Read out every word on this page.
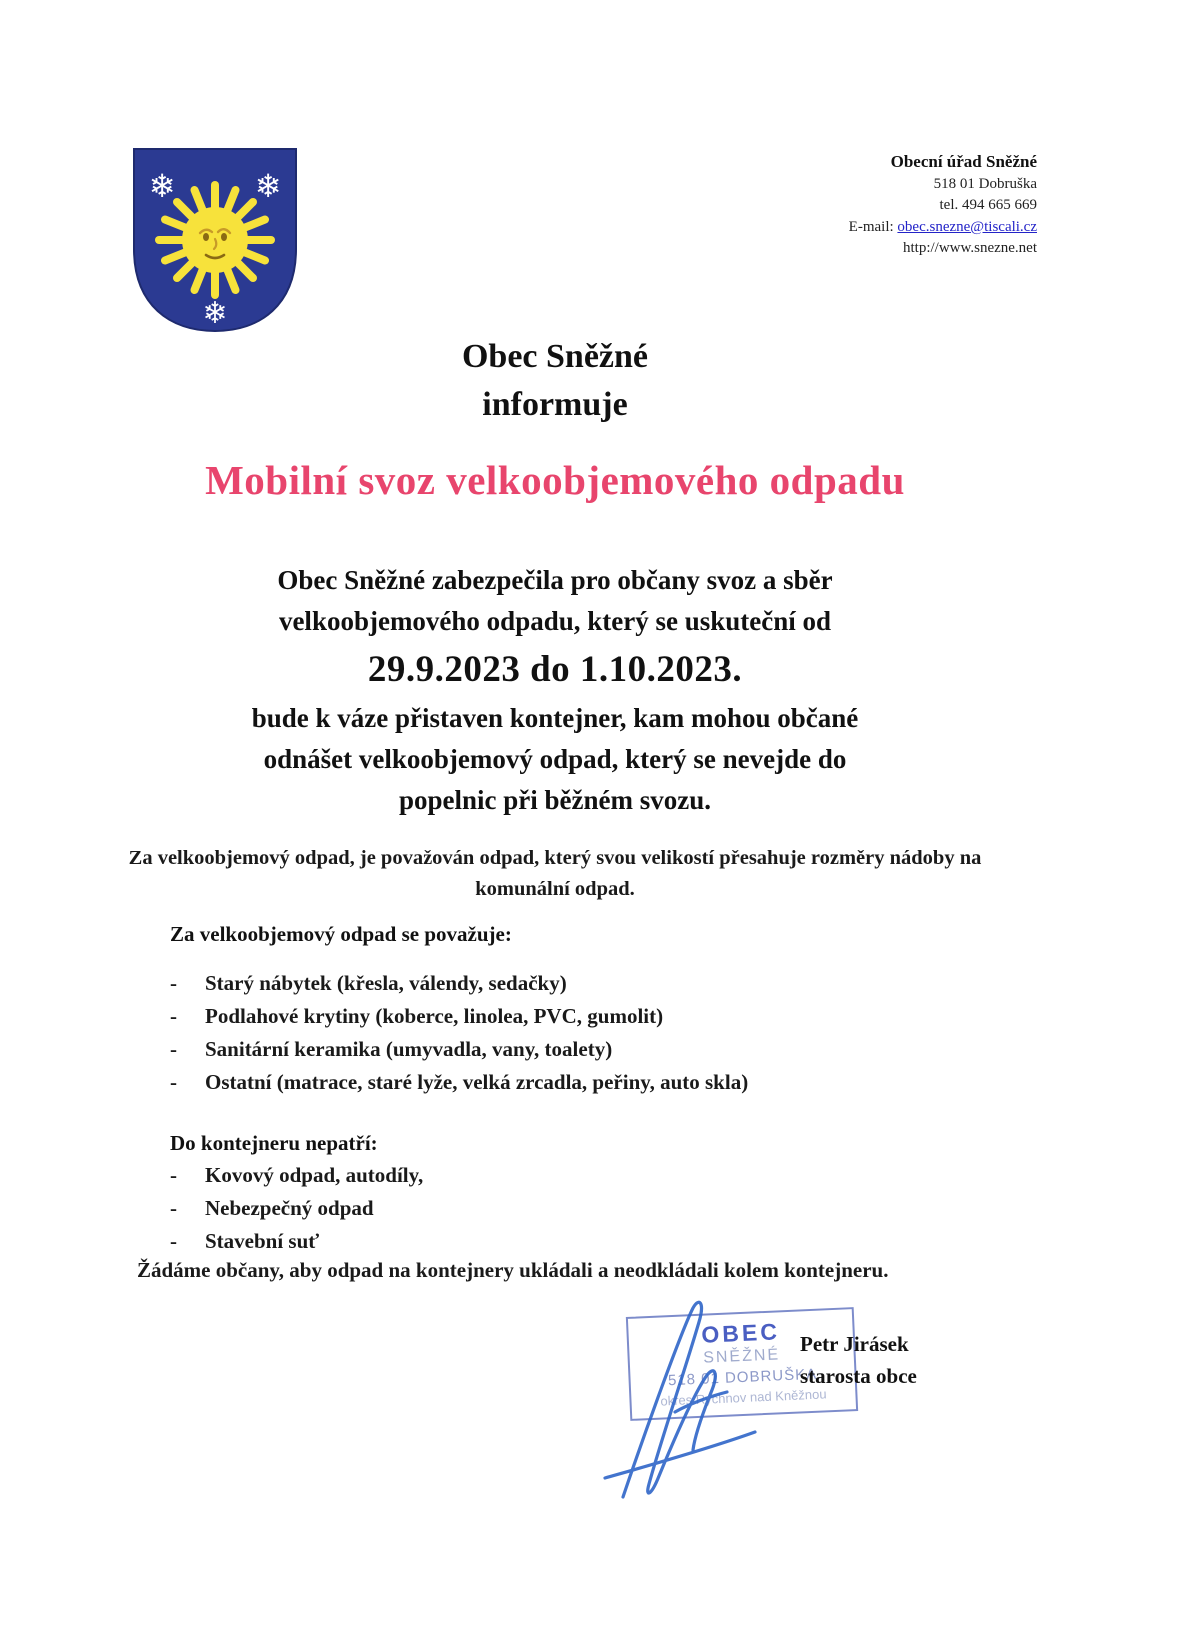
❄ ❄
❄
Obecní úřad Sněžné
518 01 Dobruška
tel. 494 665 669
E-mail: obec.snezne@tiscali.cz
http://www.snezne.net
Obec Sněžné
informuje
Mobilní svoz velkoobjemového odpadu
Obec Sněžné zabezpečila pro občany svoz a sběr
velkoobjemového odpadu, který se uskuteční od
29.9.2023 do 1.10.2023.
bude k váze přistaven kontejner, kam mohou občané
odnášet velkoobjemový odpad, který se nevejde do
popelnic při běžném svozu.
Za velkoobjemový odpad, je považován odpad, který svou velikostí přesahuje rozměry nádoby na komunální odpad.
Za velkoobjemový odpad se považuje:
- Starý nábytek (křesla, válendy, sedačky)
- Podlahové krytiny (koberce, linolea, PVC, gumolit)
- Sanitární keramika (umyvadla, vany, toalety)
- Ostatní (matrace, staré lyže, velká zrcadla, peřiny, auto skla)
Do kontejneru nepatří:
- Kovový odpad, autodíly,
- Nebezpečný odpad
- Stavební suť
Žádáme občany, aby odpad na kontejnery ukládali a neodkládali kolem kontejneru.
OBEC
SNĚŽNÉ
518 01 DOBRUŠKA
okres Rychnov nad Kněžnou
Petr Jirásek
starosta obce
